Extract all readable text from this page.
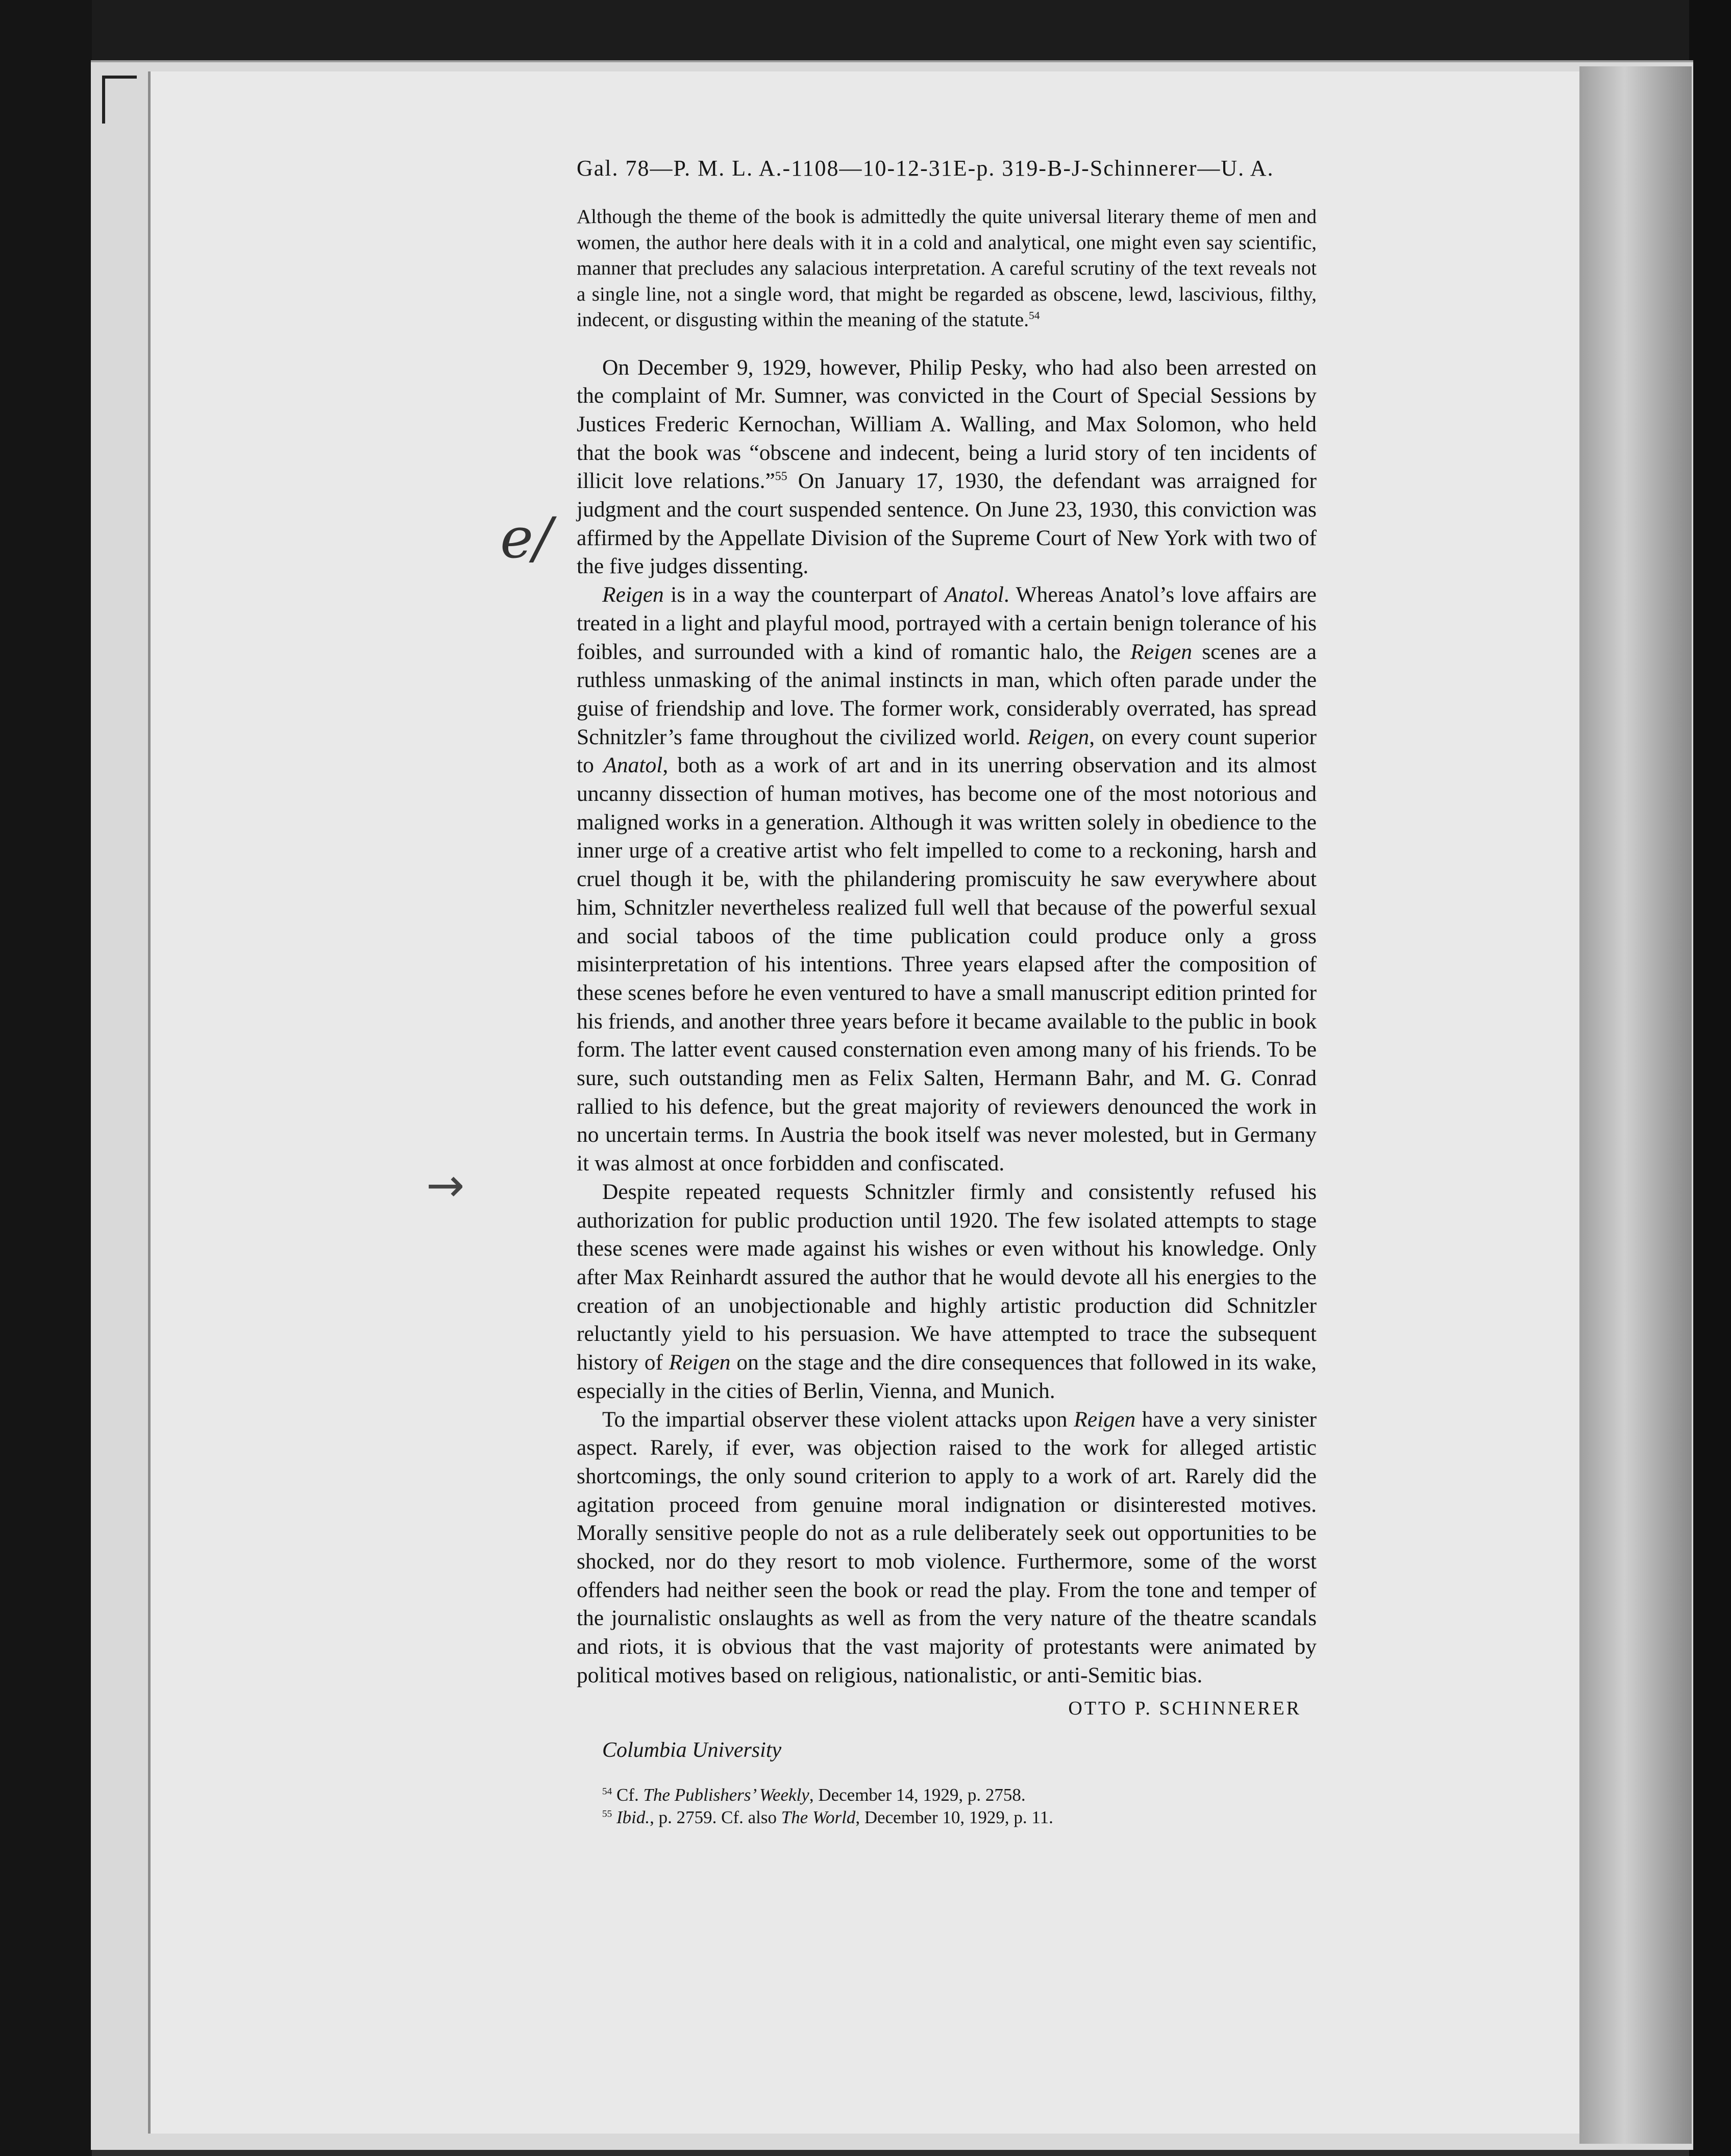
e/
→
Gal. 78—P. M. L. A.-1108—10-12-31E-p. 319-B-J-Schinnerer—U. A.
Although the theme of the book is admittedly the quite universal literary theme of men and women, the author here deals with it in a cold and analytical, one might even say scientific, manner that precludes any salacious interpretation. A careful scrutiny of the text reveals not a single line, not a single word, that might be regarded as obscene, lewd, lascivious, filthy, indecent, or disgusting within the meaning of the statute.$^{54}$

On December 9, 1929, however, Philip Pesky, who had also been arrested on the complaint of Mr. Sumner, was convicted in the Court of Special Sessions by Justices Frederic Kernochan, William A. Walling, and Max Solomon, who held that the book was “obscene and indecent, being a lurid story of ten incidents of illicit love relations.”$^{55}$ On January 17, 1930, the defendant was arraigned for judgment and the court suspended sentence. On June 23, 1930, this conviction was affirmed by the Appellate Division of the Supreme Court of New York with two of the five judges dissenting.

Reigen is in a way the counterpart of Anatol. Whereas Anatol’s love affairs are treated in a light and playful mood, portrayed with a certain benign tolerance of his foibles, and surrounded with a kind of romantic halo, the Reigen scenes are a ruthless unmasking of the animal instincts in man, which often parade under the guise of friendship and love. The former work, considerably overrated, has spread Schnitzler’s fame throughout the civilized world. Reigen, on every count superior to Anatol, both as a work of art and in its unerring observation and its almost uncanny dissection of human motives, has become one of the most notorious and maligned works in a generation. Although it was written solely in obedience to the inner urge of a creative artist who felt impelled to come to a reckoning, harsh and cruel though it be, with the philandering promiscuity he saw everywhere about him, Schnitzler nevertheless realized full well that because of the powerful sexual and social taboos of the time publication could produce only a gross misinterpretation of his intentions. Three years elapsed after the composition of these scenes before he even ventured to have a small manuscript edition printed for his friends, and another three years before it became available to the public in book form. The latter event caused consternation even among many of his friends. To be sure, such outstanding men as Felix Salten, Hermann Bahr, and M. G. Conrad rallied to his defence, but the great majority of reviewers denounced the work in no uncertain terms. In Austria the book itself was never molested, but in Germany it was almost at once forbidden and confiscated.

Despite repeated requests Schnitzler firmly and consistently refused his authorization for public production until 1920. The few isolated attempts to stage these scenes were made against his wishes or even without his knowledge. Only after Max Reinhardt assured the author that he would devote all his energies to the creation of an unobjectionable and highly artistic production did Schnitzler reluctantly yield to his persuasion. We have attempted to trace the subsequent history of Reigen on the stage and the dire consequences that followed in its wake, especially in the cities of Berlin, Vienna, and Munich.

To the impartial observer these violent attacks upon Reigen have a very sinister aspect. Rarely, if ever, was objection raised to the work for alleged artistic shortcomings, the only sound criterion to apply to a work of art. Rarely did the agitation proceed from genuine moral indignation or disinterested motives. Morally sensitive people do not as a rule deliberately seek out opportunities to be shocked, nor do they resort to mob violence. Furthermore, some of the worst offenders had neither seen the book or read the play. From the tone and temper of the journalistic onslaughts as well as from the very nature of the theatre scandals and riots, it is obvious that the vast majority of protestants were animated by political motives based on religious, nationalistic, or anti-Semitic bias.

OTTO P. SCHINNERER
Columbia University
$^{54}$ Cf. The Publishers’ Weekly, December 14, 1929, p. 2758.
$^{55}$ Ibid., p. 2759. Cf. also The World, December 10, 1929, p. 11.
